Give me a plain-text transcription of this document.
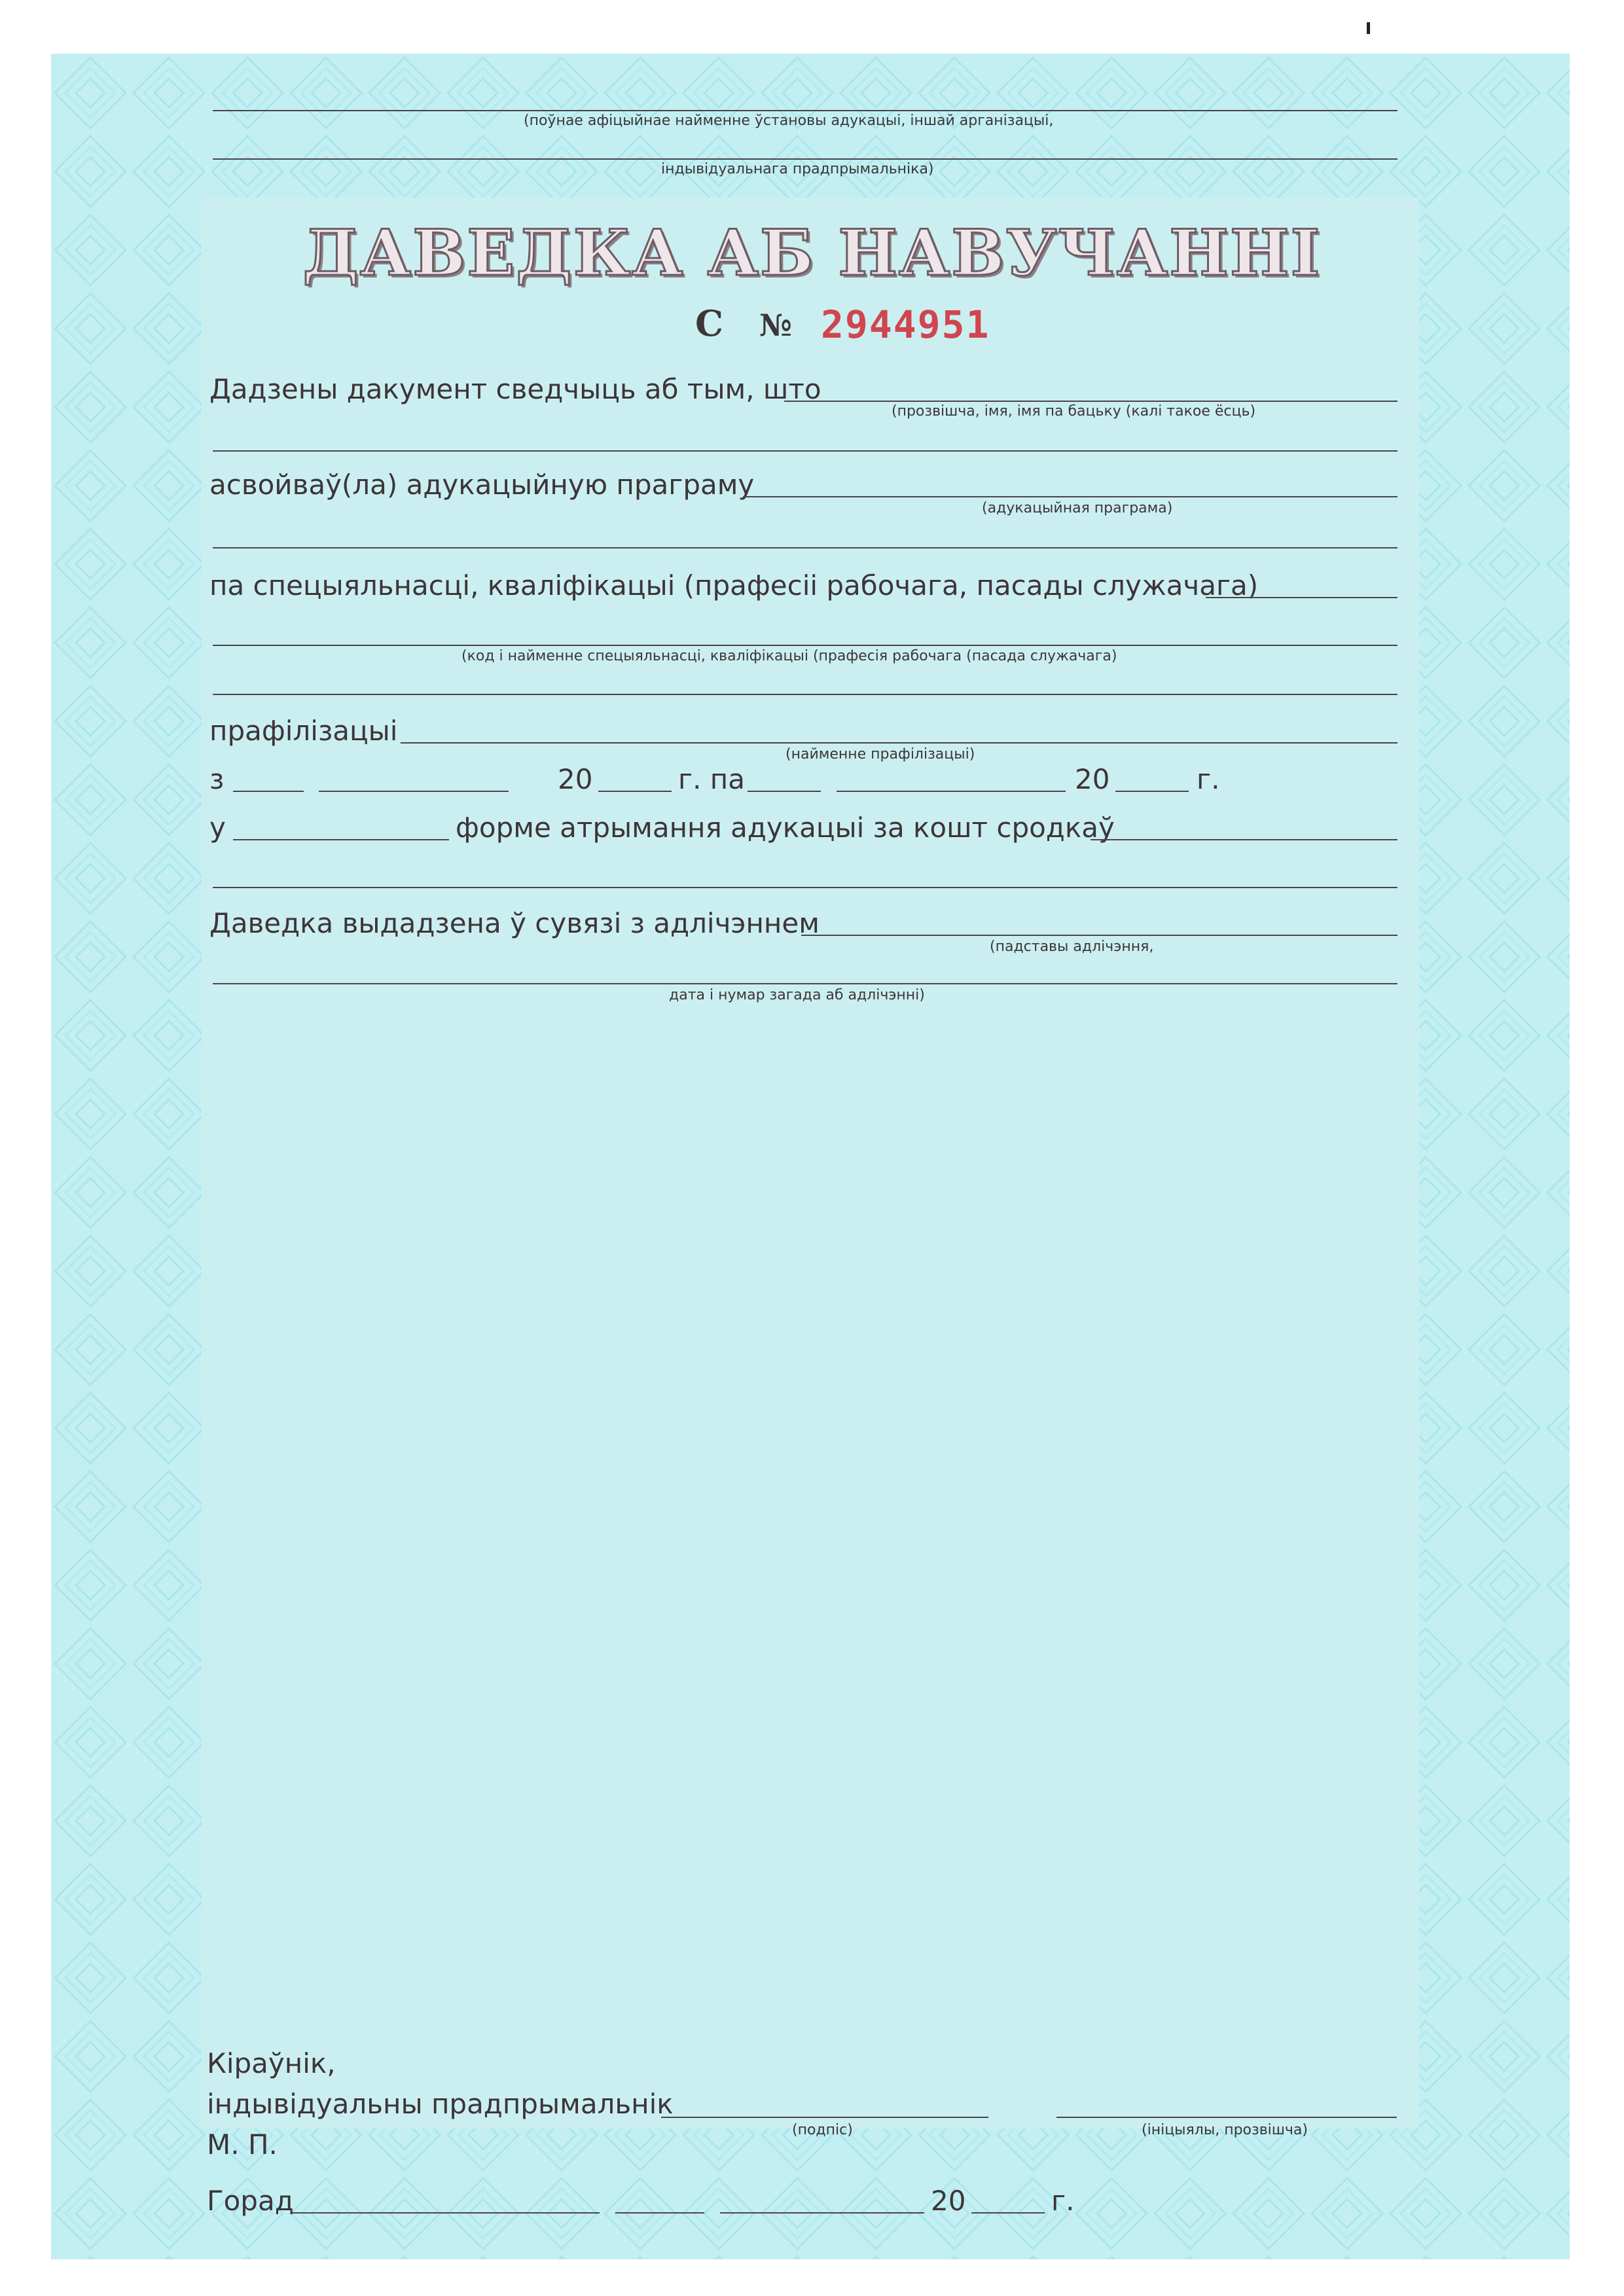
(поўнае афіцыйнае найменне ўстановы адукацыі, іншай арганізацыі,
індывідуальнага прадпрымальніка)
ДАВЕДКА АБ НАВУЧАННІ
С № 2944951
Дадзены дакумент сведчыць аб тым, што
(прозвішча, імя, імя па бацьку (калі такое ёсць)
асвойваў(ла) адукацыйную праграму
(адукацыйная праграма)
па спецыяльнасці, кваліфікацыі (прафесіі рабочага, пасады служачага)
(код і найменне спецыяльнасці, кваліфікацыі (прафесія рабочага (пасада служачага)
прафілізацыі
(найменне прафілізацыі)
з	20	г. па	20	г.
у	форме атрымання адукацыі за кошт сродкаў
Даведка выдадзена ў сувязі з адлічэннем
(падставы адлічэння,
дата і нумар загада аб адлічэнні)
Кіраўнік,
індывідуальны прадпрымальнік
(подпіс)	(ініцыялы, прозвішча)
М. П.
Горад	20	г.
